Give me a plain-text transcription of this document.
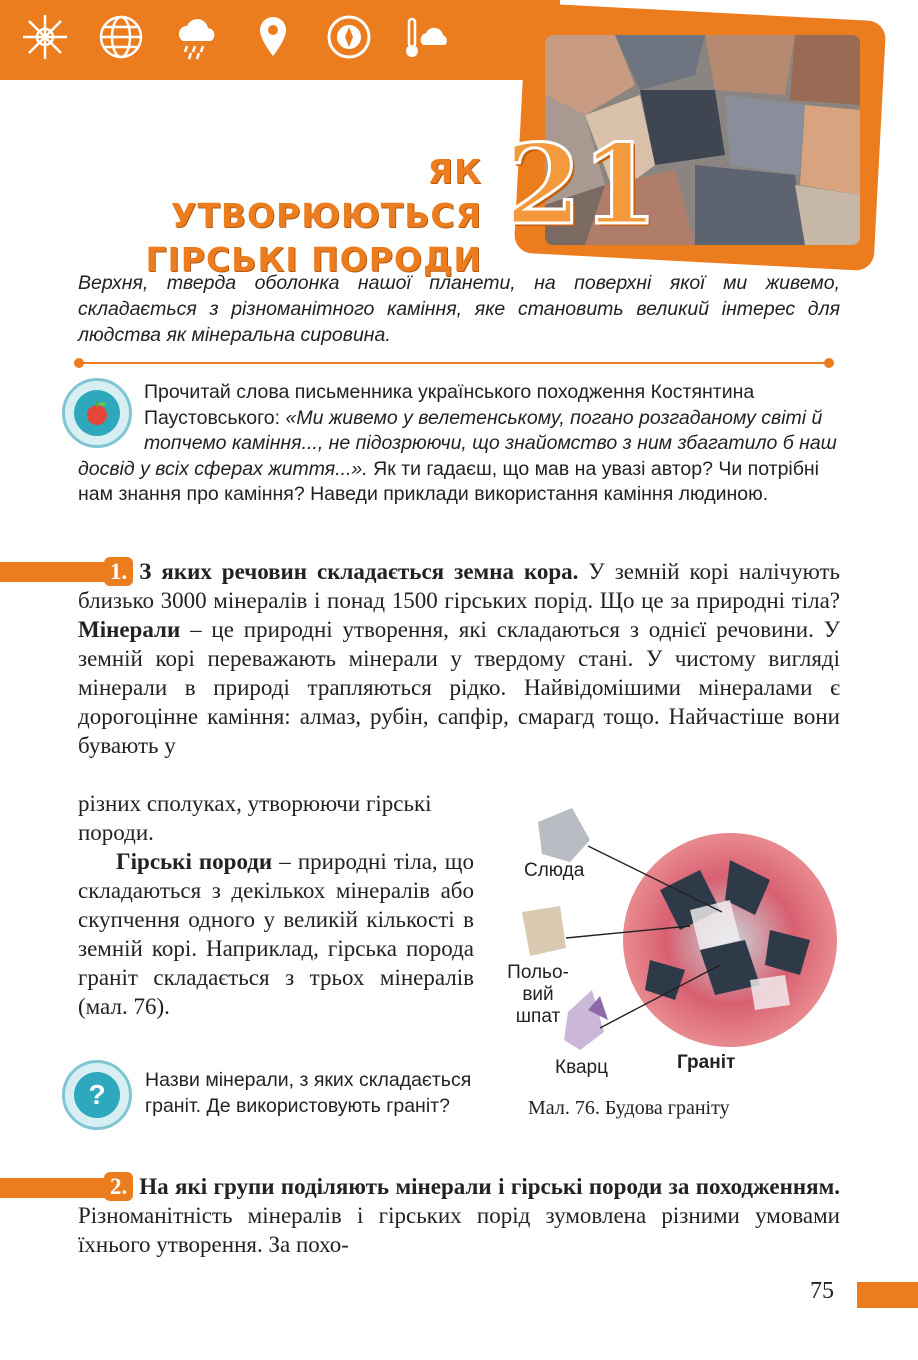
ЯК УТВОРЮЮТЬСЯ
ГІРСЬКІ ПОРОДИ
21
Верхня, тверда оболонка нашої планети, на поверхні якої ми живемо, складається з різноманітного каміння, яке становить великий інтерес для людства як мінеральна сировина.
Прочитай слова письменника українського походження Костянтина Паустовського: «Ми живемо у велетенському, погано розгаданому світі й топчемо каміння..., не підозрюючи, що знайомство з ним збагатило б наш досвід у всіх сферах життя...». Як ти гадаєш, що мав на увазі автор? Чи потрібні нам знання про каміння? Наведи приклади використання каміння людиною.
1. З яких речовин складається земна кора. У земній корі налічують близько 3000 мінералів і понад 1500 гірських порід. Що це за природні тіла? Мінерали – це природні утворення, які складаються з однієї речовини. У земній корі переважають мінерали у твердому стані. У чистому вигляді мінерали в природі трапляються рідко. Найвідомішими мінералами є дорогоцінне каміння: алмаз, рубін, сапфір, смарагд тощо. Найчастіше вони бувають у
різних сполуках, утворюючи гірські породи.
Гірські породи – природні тіла, що складаються з декількох мінералів або скупчення одного у великій кількості в земній корі. Наприклад, гірська порода граніт складається з трьох мінералів (мал. 76).
?	Назви мінерали, з яких складається граніт. Де використовують граніт?
Слюда
Польо-
вий
шпат
Кварц	Граніт
Мал. 76. Будова граніту
2. На які групи поділяють мінерали і гірські породи за походженням. Різноманітність мінералів і гірських порід зумовлена різними умовами їхнього утворення. За похо-
75
